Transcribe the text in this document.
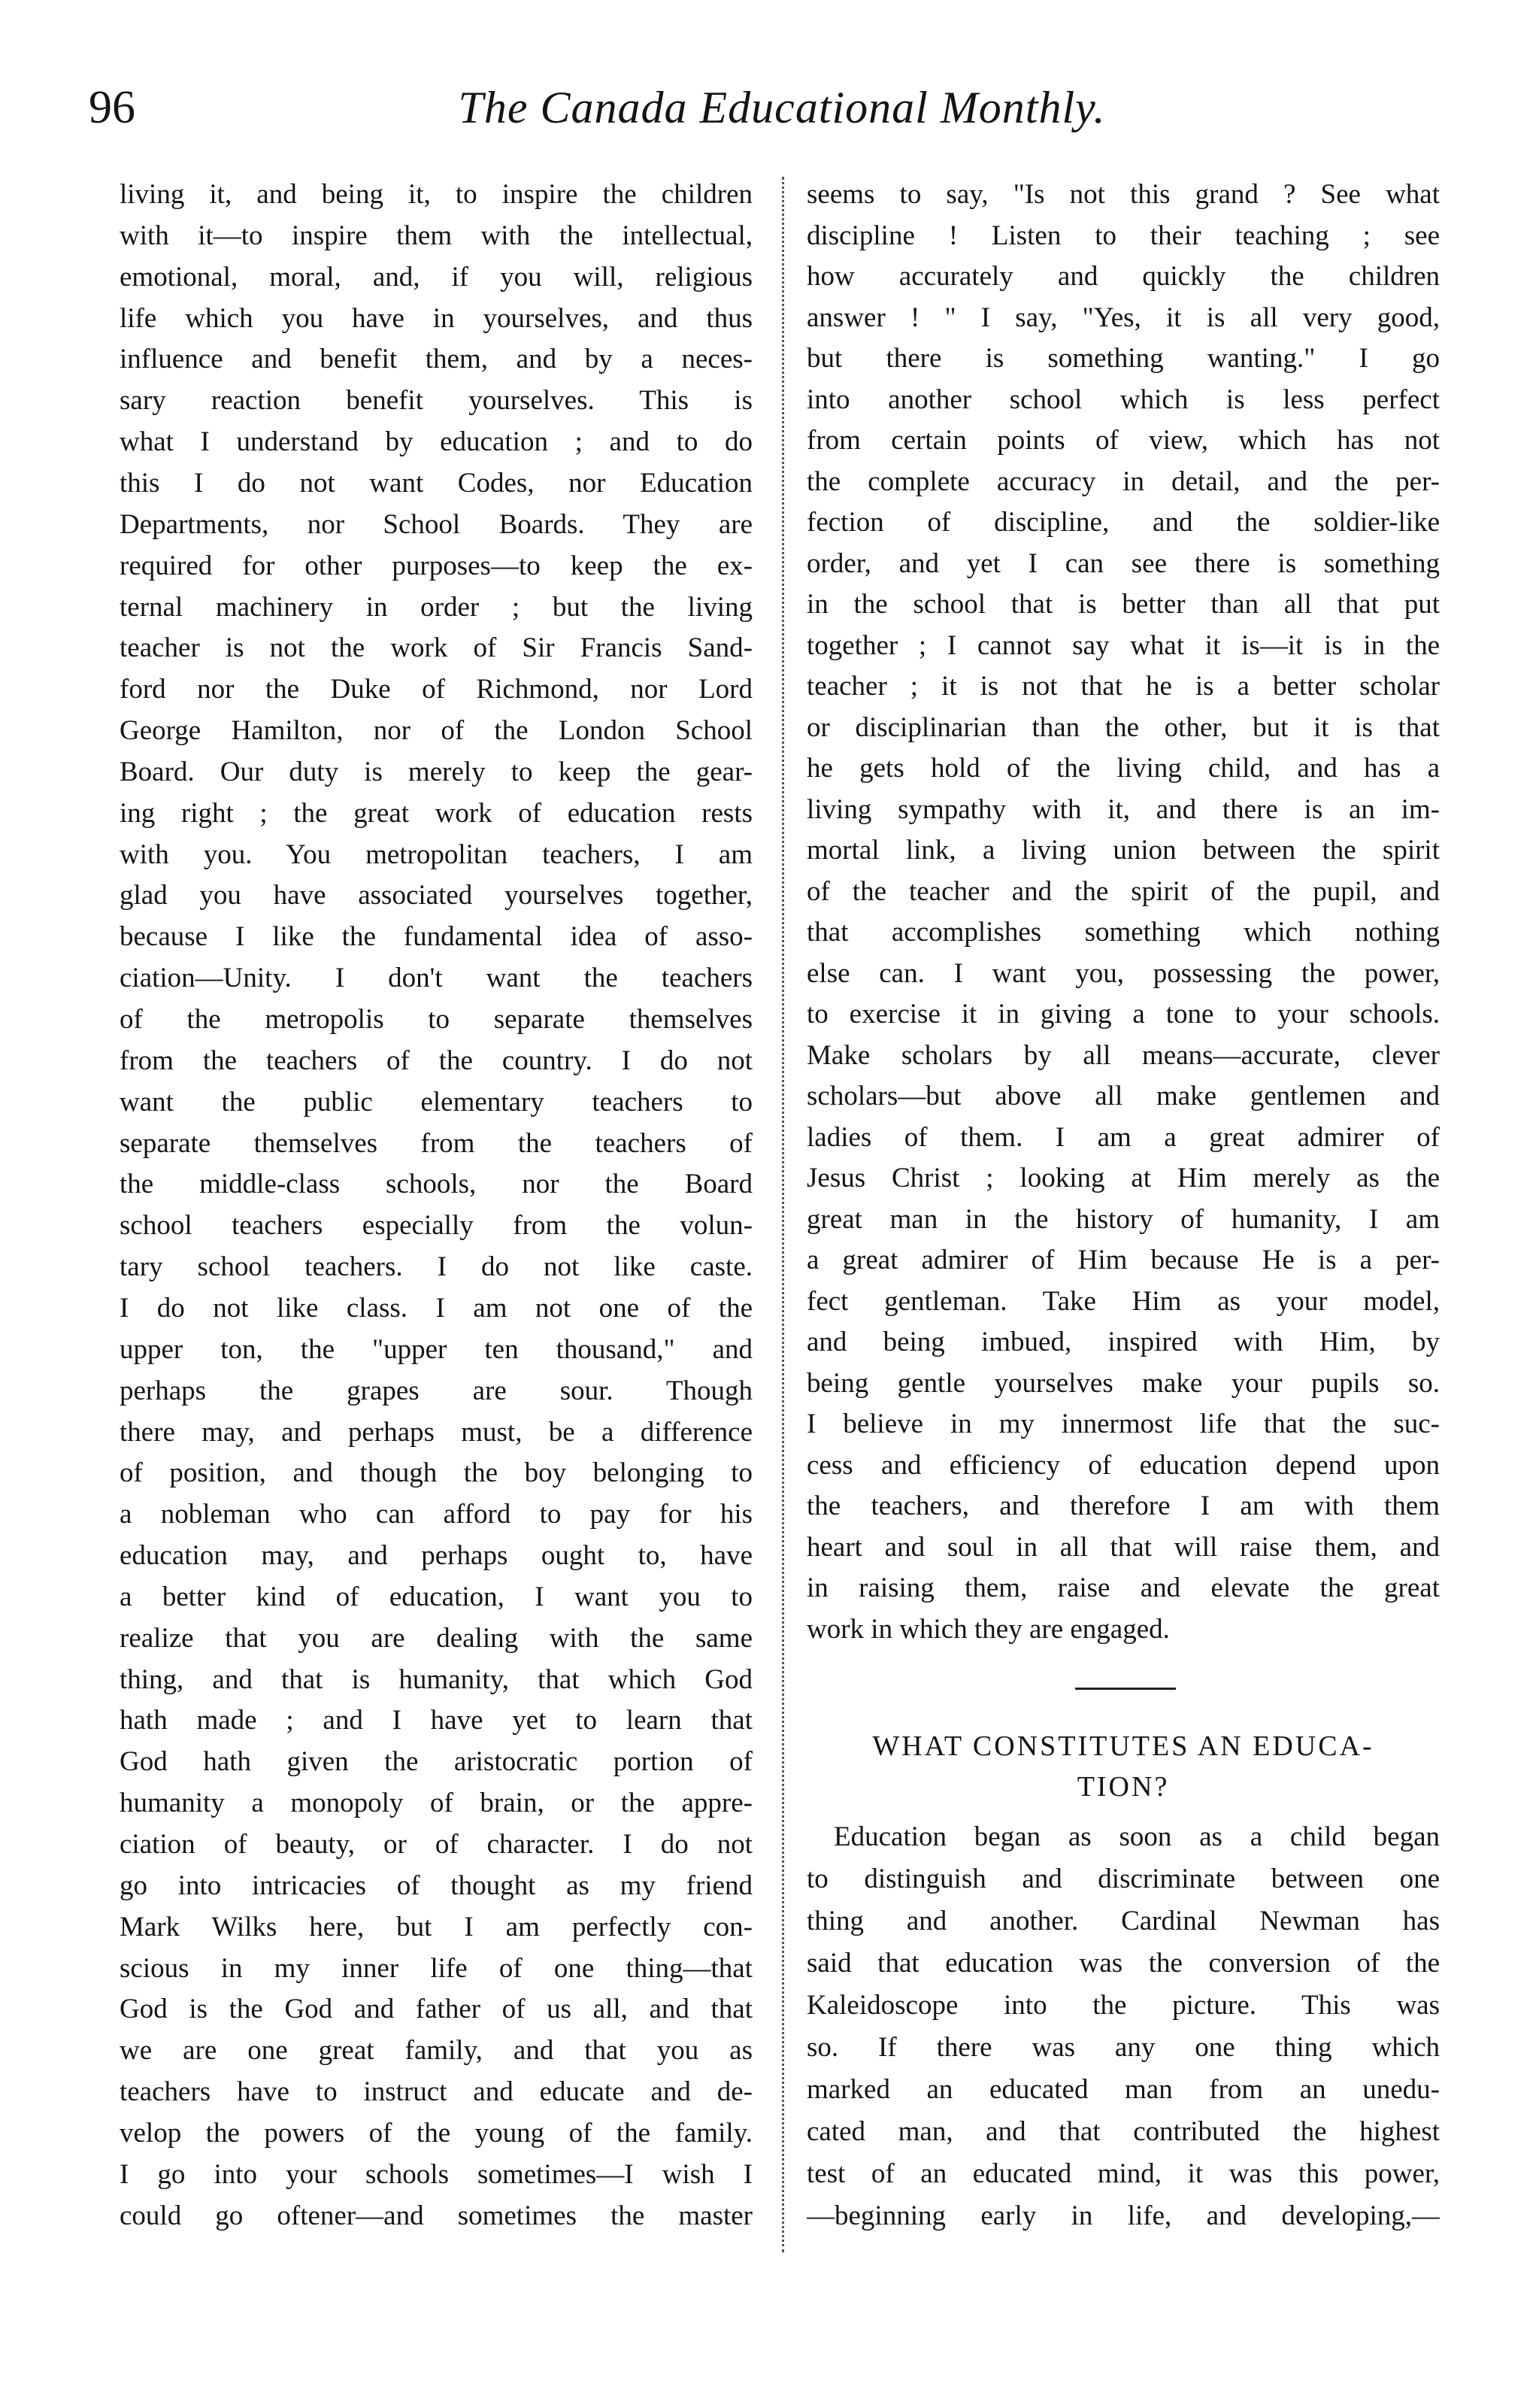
96	The Canada Educational Monthly.
living it, and being it, to inspire the children
with it—to inspire them with the intellectual,
emotional, moral, and, if you will, religious
life which you have in yourselves, and thus
influence and benefit them, and by a neces-
sary reaction benefit yourselves. This is
what I understand by education ; and to do
this I do not want Codes, nor Education
Departments, nor School Boards. They are
required for other purposes—to keep the ex-
ternal machinery in order ; but the living
teacher is not the work of Sir Francis Sand-
ford nor the Duke of Richmond, nor Lord
George Hamilton, nor of the London School
Board. Our duty is merely to keep the gear-
ing right ; the great work of education rests
with you. You metropolitan teachers, I am
glad you have associated yourselves together,
because I like the fundamental idea of asso-
ciation—Unity. I don't want the teachers
of the metropolis to separate themselves
from the teachers of the country. I do not
want the public elementary teachers to
separate themselves from the teachers of
the middle-class schools, nor the Board
school teachers especially from the volun-
tary school teachers. I do not like caste.
I do not like class. I am not one of the
upper ton, the "upper ten thousand," and
perhaps the grapes are sour. Though
there may, and perhaps must, be a difference
of position, and though the boy belonging to
a nobleman who can afford to pay for his
education may, and perhaps ought to, have
a better kind of education, I want you to
realize that you are dealing with the same
thing, and that is humanity, that which God
hath made ; and I have yet to learn that
God hath given the aristocratic portion of
humanity a monopoly of brain, or the appre-
ciation of beauty, or of character. I do not
go into intricacies of thought as my friend
Mark Wilks here, but I am perfectly con-
scious in my inner life of one thing—that
God is the God and father of us all, and that
we are one great family, and that you as
teachers have to instruct and educate and de-
velop the powers of the young of the family.
I go into your schools sometimes—I wish I
could go oftener—and sometimes the master
seems to say, "Is not this grand ? See what
discipline ! Listen to their teaching ; see
how accurately and quickly the children
answer ! " I say, "Yes, it is all very good,
but there is something wanting." I go
into another school which is less perfect
from certain points of view, which has not
the complete accuracy in detail, and the per-
fection of discipline, and the soldier-like
order, and yet I can see there is something
in the school that is better than all that put
together ; I cannot say what it is—it is in the
teacher ; it is not that he is a better scholar
or disciplinarian than the other, but it is that
he gets hold of the living child, and has a
living sympathy with it, and there is an im-
mortal link, a living union between the spirit
of the teacher and the spirit of the pupil, and
that accomplishes something which nothing
else can. I want you, possessing the power,
to exercise it in giving a tone to your schools.
Make scholars by all means—accurate, clever
scholars—but above all make gentlemen and
ladies of them. I am a great admirer of
Jesus Christ ; looking at Him merely as the
great man in the history of humanity, I am
a great admirer of Him because He is a per-
fect gentleman. Take Him as your model,
and being imbued, inspired with Him, by
being gentle yourselves make your pupils so.
I believe in my innermost life that the suc-
cess and efficiency of education depend upon
the teachers, and therefore I am with them
heart and soul in all that will raise them, and
in raising them, raise and elevate the great
work in which they are engaged.
Education began as soon as a child began
to distinguish and discriminate between one
thing and another. Cardinal Newman has
said that education was the conversion of the
Kaleidoscope into the picture. This was
so. If there was any one thing which
marked an educated man from an unedu-
cated man, and that contributed the highest
test of an educated mind, it was this power,
—beginning early in life, and developing,—
WHAT CONSTITUTES AN EDUCA-
TION?
